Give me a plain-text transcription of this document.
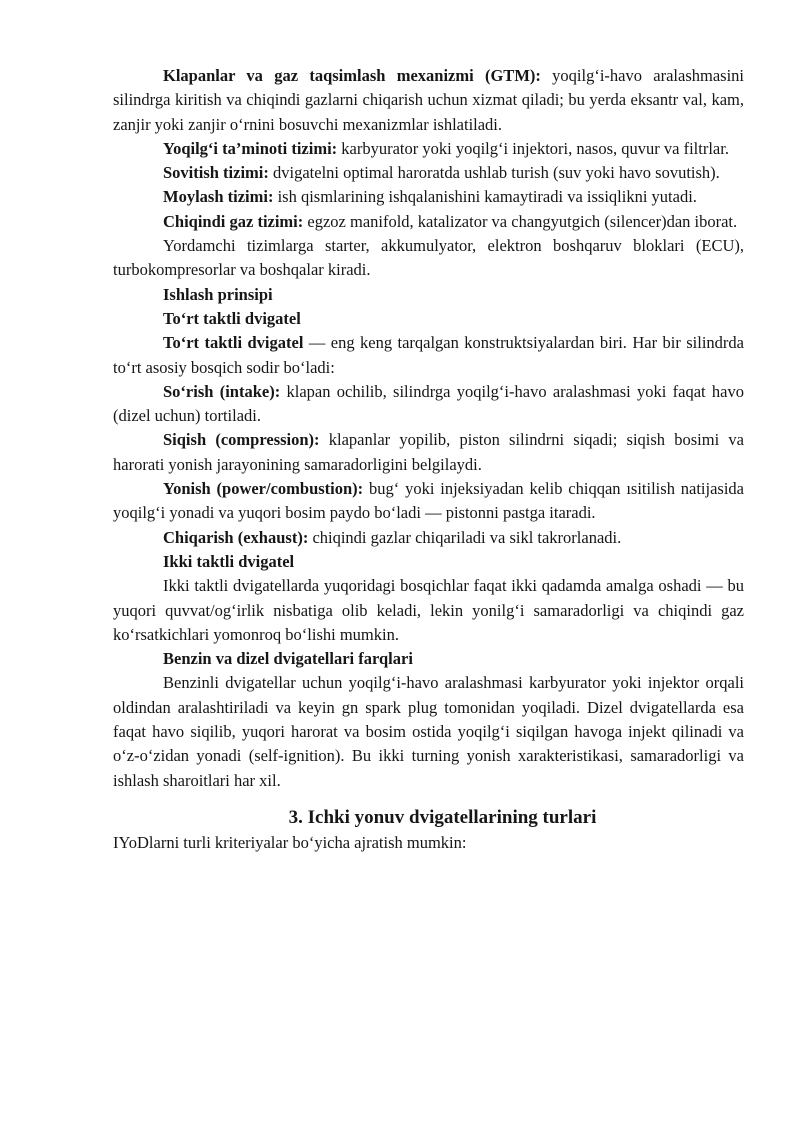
Klapanlar va gaz taqsimlash mexanizmi (GTM): yoqilg‘i-havo aralashmasini silindrga kiritish va chiqindi gazlarni chiqarish uchun xizmat qiladi; bu yerda eksantr val, kam, zanjir yoki zanjir o‘rnini bosuvchi mexanizmlar ishlatiladi.

Yoqilg‘i ta’minoti tizimi: karbyurator yoki yoqilg‘i injektori, nasos, quvur va filtrlar.

Sovitish tizimi: dvigatelni optimal haroratda ushlab turish (suv yoki havo sovutish).

Moylash tizimi: ish qismlarining ishqalanishini kamaytiradi va issiqlikni yutadi.

Chiqindi gaz tizimi: egzoz manifold, katalizator va changyutgich (silencer)dan iborat.

Yordamchi tizimlarga starter, akkumulyator, elektron boshqaruv bloklari (ECU), turbokompresorlar va boshqalar kiradi.

Ishlash prinsipi

To‘rt taktli dvigatel

To‘rt taktli dvigatel — eng keng tarqalgan konstruktsiyalardan biri. Har bir silindrda to‘rt asosiy bosqich sodir bo‘ladi:

So‘rish (intake): klapan ochilib, silindrga yoqilg‘i-havo aralashmasi yoki faqat havo (dizel uchun) tortiladi.

Siqish (compression): klapanlar yopilib, piston silindrni siqadi; siqish bosimi va harorati yonish jarayonining samaradorligini belgilaydi.

Yonish (power/combustion): bug‘ yoki injeksiyadan kelib chiqqan ısitilish natijasida yoqilg‘i yonadi va yuqori bosim paydo bo‘ladi — pistonni pastga itaradi.

Chiqarish (exhaust): chiqindi gazlar chiqariladi va sikl takrorlanadi.

Ikki taktli dvigatel

Ikki taktli dvigatellarda yuqoridagi bosqichlar faqat ikki qadamda amalga oshadi — bu yuqori quvvat/og‘irlik nisbatiga olib keladi, lekin yonilg‘i samaradorligi va chiqindi gaz ko‘rsatkichlari yomonroq bo‘lishi mumkin.

Benzin va dizel dvigatellari farqlari

Benzinli dvigatellar uchun yoqilg‘i-havo aralashmasi karbyurator yoki injektor orqali oldindan aralashtiriladi va keyin gn spark plug tomonidan yoqiladi. Dizel dvigatellarda esa faqat havo siqilib, yuqori harorat va bosim ostida yoqilg‘i siqilgan havoga injekt qilinadi va o‘z-o‘zidan yonadi (self-ignition). Bu ikki turning yonish xarakteristikasi, samaradorligi va ishlash sharoitlari har xil.

3. Ichki yonuv dvigatellarining turlari

IYoDlarni turli kriteriyalar bo‘yicha ajratish mumkin:
